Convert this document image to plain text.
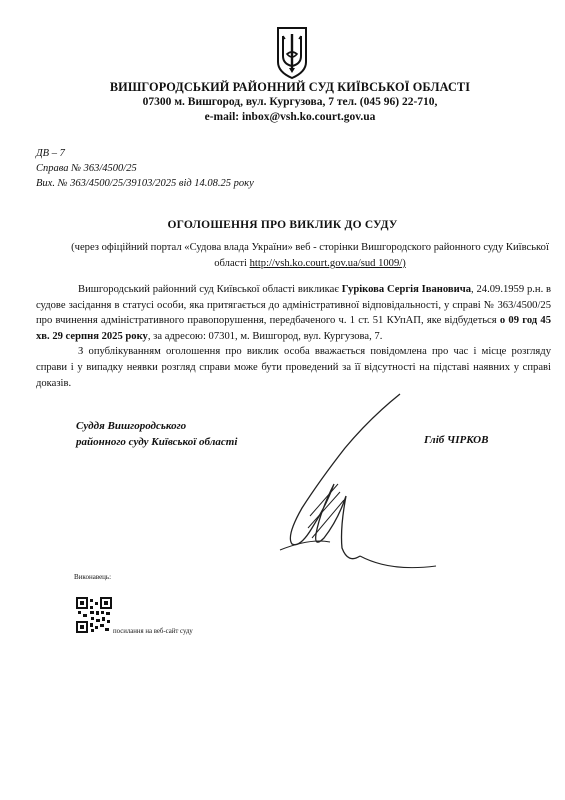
ВИШГОРОДСЬКИЙ РАЙОННИЙ СУД КИЇВСЬКОЇ ОБЛАСТІ
07300 м. Вишгород, вул. Кургузова, 7 тел. (045 96) 22-710,
e-mail: inbox@vsh.ko.court.gov.ua
ДВ – 7
Справа № 363/4500/25
Вих. № 363/4500/25/39103/2025 від 14.08.25 року
ОГОЛОШЕННЯ ПРО ВИКЛИК ДО СУДУ
(через офіційний портал «Судова влада України» веб - сторінки Вишгородского районного суду Київської області http://vsh.ko.court.gov.ua/sud 1009/)

Вишгородський районний суд Київської області викликає Гурікова Сергія Івановича, 24.09.1959 р.н. в судове засідання в статусі особи, яка притягається до адміністративної відповідальності, у справі № 363/4500/25 про вчинення адміністративного правопорушення, передбаченого ч. 1 ст. 51 КУпАП, яке відбудеться о 09 год 45 хв. 29 серпня 2025 року, за адресою: 07301, м. Вишгород, вул. Кургузова, 7.

З опублікуванням оголошення про виклик особа вважається повідомлена про час і місце розгляду справи і у випадку неявки розгляд справи може бути проведений за її відсутності на підставі наявних у справі доказів.

Суддя Вишгородського
районного суду Київської області	Гліб ЧІРКОВ
Виконавець:
посилання на веб-сайт суду
